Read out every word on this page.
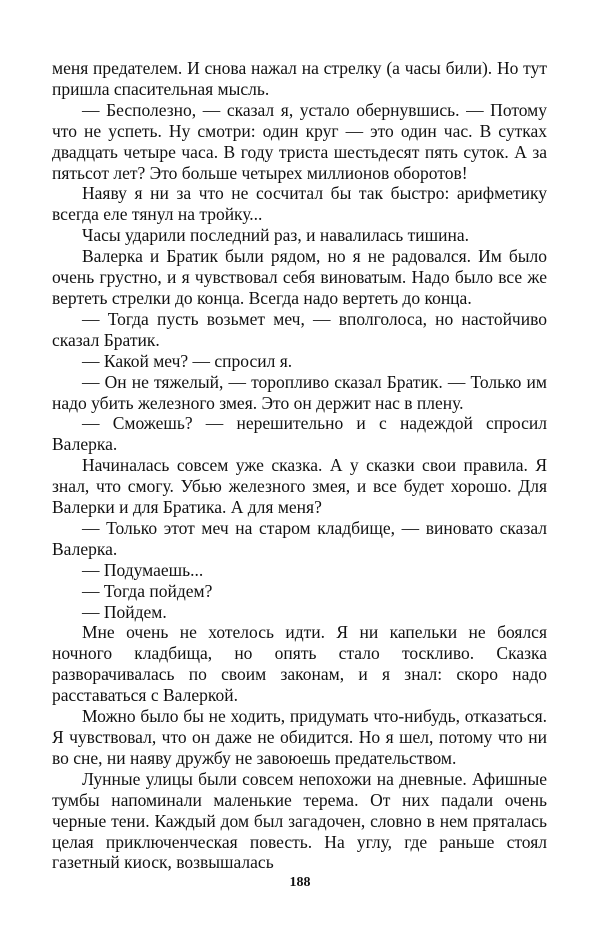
меня предателем. И снова нажал на стрелку (а часы били). Но тут пришла спасительная мысль.

— Бесполезно, — сказал я, устало обернувшись. — Потому что не успеть. Ну смотри: один круг — это один час. В сутках двадцать четыре часа. В году триста шестьдесят пять суток. А за пятьсот лет? Это больше четырех миллионов оборотов!

Наяву я ни за что не сосчитал бы так быстро: арифметику всегда еле тянул на тройку...

Часы ударили последний раз, и навалилась тишина.

Валерка и Братик были рядом, но я не радовался. Им было очень грустно, и я чувствовал себя виноватым. Надо было все же вертеть стрелки до конца. Всегда надо вертеть до конца.

— Тогда пусть возьмет меч, — вполголоса, но настойчиво сказал Братик.

— Какой меч? — спросил я.

— Он не тяжелый, — торопливо сказал Братик. — Только им надо убить железного змея. Это он держит нас в плену.

— Сможешь? — нерешительно и с надеждой спросил Валерка.

Начиналась совсем уже сказка. А у сказки свои правила. Я знал, что смогу. Убью железного змея, и все будет хорошо. Для Валерки и для Братика. А для меня?

— Только этот меч на старом кладбище, — виновато сказал Валерка.

— Подумаешь...

— Тогда пойдем?

— Пойдем.

Мне очень не хотелось идти. Я ни капельки не боялся ночного кладбища, но опять стало тоскливо. Сказка разворачивалась по своим законам, и я знал: скоро надо расставаться с Валеркой.

Можно было бы не ходить, придумать что-нибудь, отказаться. Я чувствовал, что он даже не обидится. Но я шел, потому что ни во сне, ни наяву дружбу не завоюешь предательством.

Лунные улицы были совсем непохожи на дневные. Афишные тумбы напоминали маленькие терема. От них падали очень черные тени. Каждый дом был загадочен, словно в нем пряталась целая приключенческая повесть. На углу, где раньше стоял газетный киоск, возвышалась

188
